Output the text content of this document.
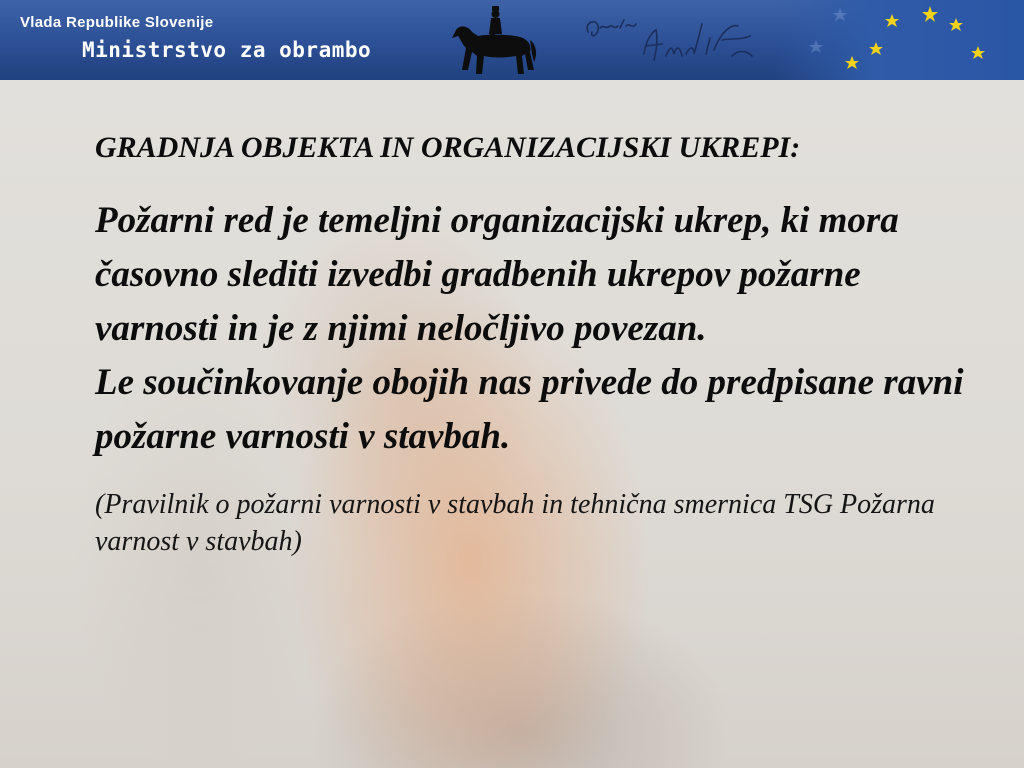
Vlada Republike Slovenije
Ministrstvo za obrambo
GRADNJA OBJEKTA IN ORGANIZACIJSKI UKREPI:

Požarni red je temeljni organizacijski ukrep, ki mora časovno slediti izvedbi gradbenih ukrepov požarne varnosti in je z njimi neločljivo povezan.
Le součinkovanje obojih nas privede do predpisane ravni požarne varnosti v stavbah.

(Pravilnik o požarni varnosti v stavbah in tehnična smernica TSG Požarna varnost v stavbah)
